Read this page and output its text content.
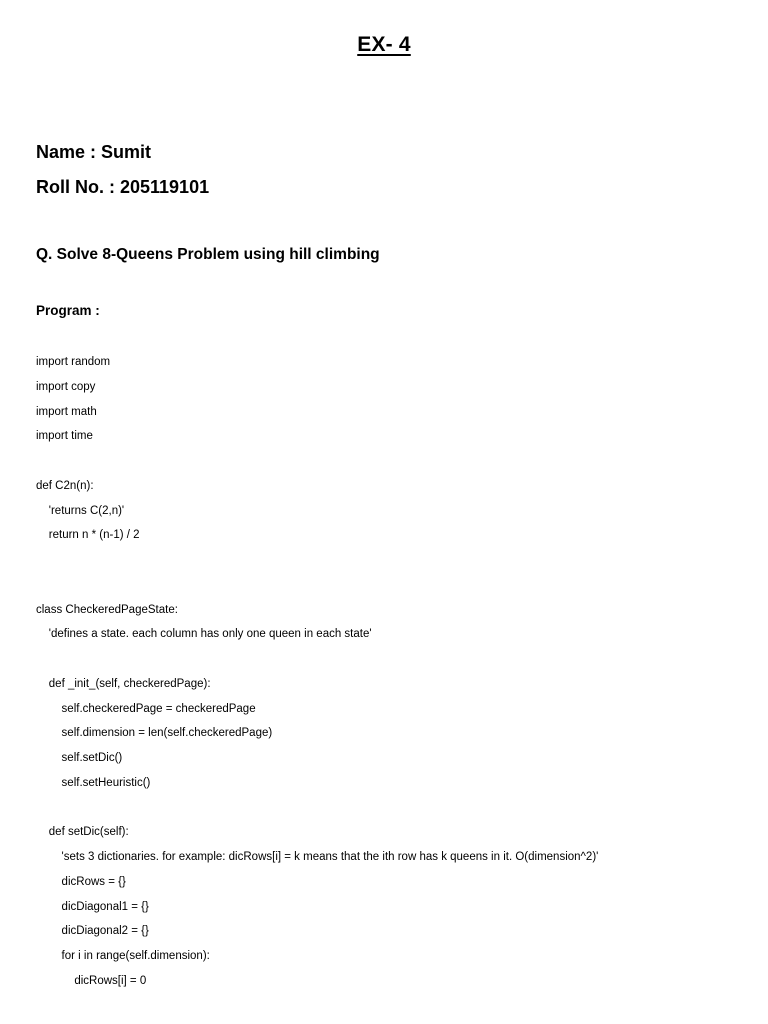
EX- 4
Name : Sumit
Roll No. : 205119101
Q. Solve 8-Queens Problem using hill climbing
Program :
import random
import copy
import math
import time
def C2n(n):
'returns C(2,n)'
return n * (n-1) / 2
class CheckeredPageState:
'defines a state. each column has only one queen in each state'
def _init_(self, checkeredPage):
self.checkeredPage = checkeredPage
self.dimension = len(self.checkeredPage)
self.setDic()
self.setHeuristic()
def setDic(self):
'sets 3 dictionaries. for example: dicRows[i] = k means that the ith row has k queens in it. O(dimension^2)'
dicRows = {}
dicDiagonal1 = {}
dicDiagonal2 = {}
for i in range(self.dimension):
dicRows[i] = 0
